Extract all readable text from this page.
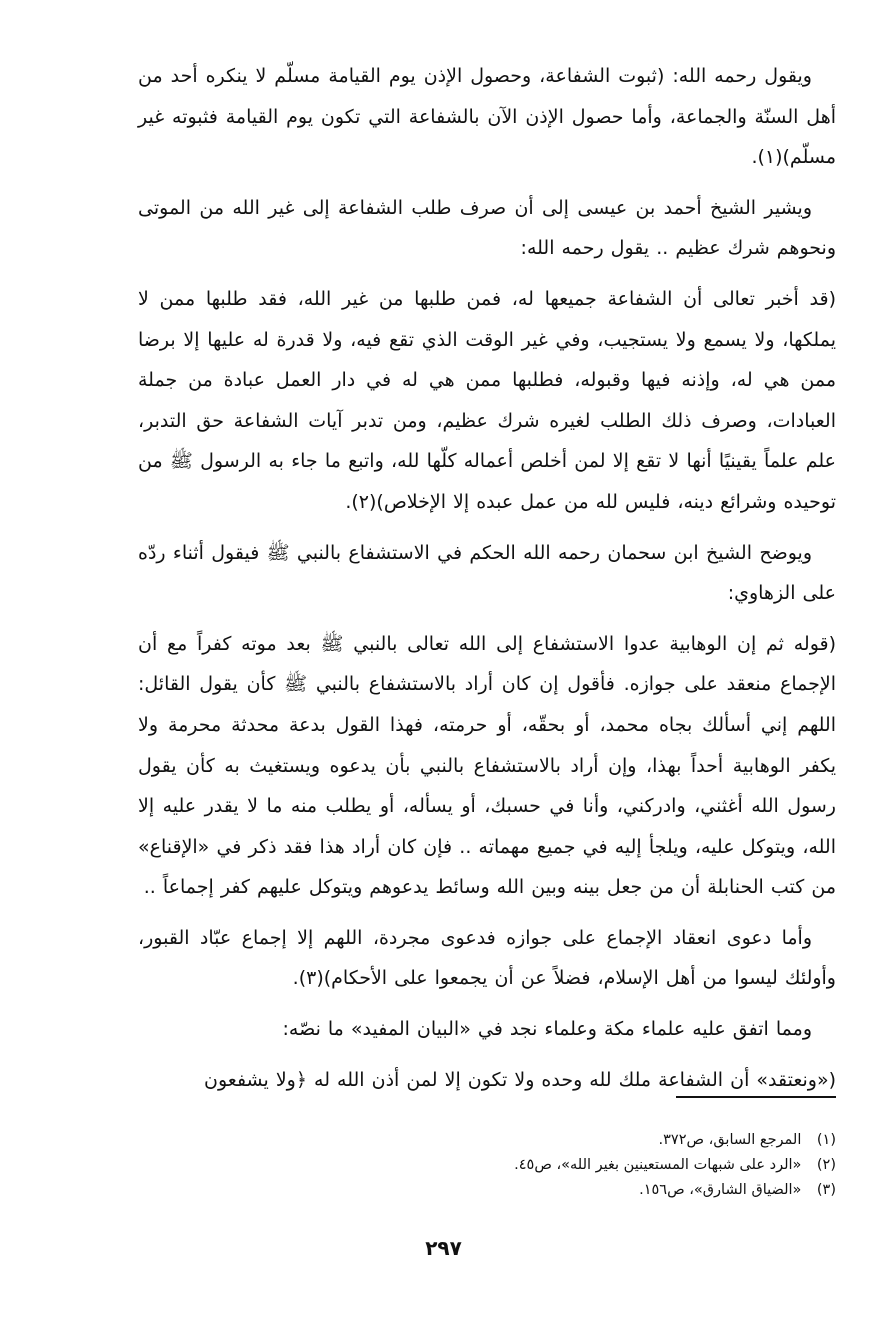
ويقول رحمه الله: (ثبوت الشفاعة، وحصول الإذن يوم القيامة مسلّم لا ينكره أحد من أهل السنّة والجماعة، وأما حصول الإذن الآن بالشفاعة التي تكون يوم القيامة فثبوته غير مسلّم)(١).

ويشير الشيخ أحمد بن عيسى إلى أن صرف طلب الشفاعة إلى غير الله من الموتى ونحوهم شرك عظيم .. يقول رحمه الله:

(قد أخبر تعالى أن الشفاعة جميعها له، فمن طلبها من غير الله، فقد طلبها ممن لا يملكها، ولا يسمع ولا يستجيب، وفي غير الوقت الذي تقع فيه، ولا قدرة له عليها إلا برضا ممن هي له، وإذنه فيها وقبوله، فطلبها ممن هي له في دار العمل عبادة من جملة العبادات، وصرف ذلك الطلب لغيره شرك عظيم، ومن تدبر آيات الشفاعة حق التدبر، علم علماً يقينيًا أنها لا تقع إلا لمن أخلص أعماله كلّها لله، واتبع ما جاء به الرسول ﷺ من توحيده وشرائع دينه، فليس لله من عمل عبده إلا الإخلاص)(٢).

ويوضح الشيخ ابن سحمان رحمه الله الحكم في الاستشفاع بالنبي ﷺ فيقول أثناء ردّه على الزهاوي:

(قوله ثم إن الوهابية عدوا الاستشفاع إلى الله تعالى بالنبي ﷺ بعد موته كفراً مع أن الإجماع منعقد على جوازه. فأقول إن كان أراد بالاستشفاع بالنبي ﷺ كأن يقول القائل: اللهم إني أسألك بجاه محمد، أو بحقّه، أو حرمته، فهذا القول بدعة محدثة محرمة ولا يكفر الوهابية أحداً بهذا، وإن أراد بالاستشفاع بالنبي بأن يدعوه ويستغيث به كأن يقول رسول الله أغثني، وادركني، وأنا في حسبك، أو يسأله، أو يطلب منه ما لا يقدر عليه إلا الله، ويتوكل عليه، ويلجأ إليه في جميع مهماته .. فإن كان أراد هذا فقد ذكر في «الإقناع» من كتب الحنابلة أن من جعل بينه وبين الله وسائط يدعوهم ويتوكل عليهم كفر إجماعاً ..

وأما دعوى انعقاد الإجماع على جوازه فدعوى مجردة، اللهم إلا إجماع عبّاد القبور، وأولئك ليسوا من أهل الإسلام، فضلاً عن أن يجمعوا على الأحكام)(٣).

ومما اتفق عليه علماء مكة وعلماء نجد في «البيان المفيد» ما نصّه:

(«ونعتقد» أن الشفاعة ملك لله وحده ولا تكون إلا لمن أذن الله له ﴿ولا يشفعون

(١) المرجع السابق، ص٣٧٢.
(٢) «الرد على شبهات المستعينين بغير الله»، ص٤٥.
(٣) «الضياق الشارق»، ص١٥٦.
٢٩٧
